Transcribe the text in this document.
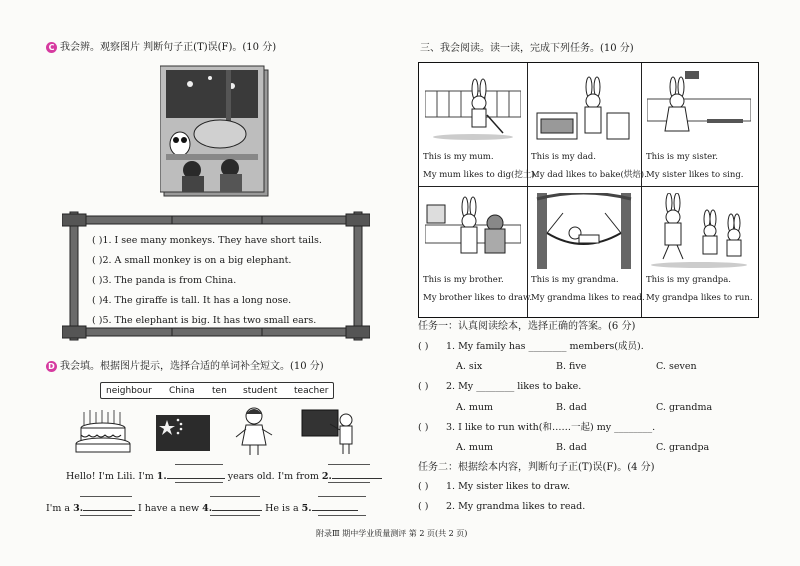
C 我会辨。观察图片 判断句子正(T)误(F)。(10 分)
( )1. I see many monkeys. They have short tails.
( )2. A small monkey is on a big elephant.
( )3. The panda is from China.
( )4. The giraffe is tall. It has a long nose.
( )5. The elephant is big. It has two small ears.
D 我会填。根据图片提示，选择合适的单词补全短文。(10 分)
neighbour China ten student teacher
Hello! I'm Lili. I'm 1.	years old. I'm from 2.
I'm a 3.	I have a new 4.	He is a 5.
附录Ⅲ 期中学业质量测评 第 2 页(共 2 页)
三、我会阅读。读一读，完成下列任务。(10 分)
This is my mum.
My mum likes to dig(挖土).
This is my dad.
My dad likes to bake(烘焙).
This is my sister.
My sister likes to sing.
This is my brother.
My brother likes to draw.
This is my grandma.
My grandma likes to read.
This is my grandpa.
My grandpa likes to run.
任务一：认真阅读绘本，选择正确的答案。(6 分)
( ) 1. My family has ________ members(成员).
A. six	B. five	C. seven
( ) 2. My ________ likes to bake.
A. mum	B. dad	C. grandma
( ) 3. I like to run with(和……一起) my ________.
A. mum	B. dad	C. grandpa
任务二：根据绘本内容，判断句子正(T)误(F)。(4 分)
( ) 1. My sister likes to draw.
( ) 2. My grandma likes to read.
